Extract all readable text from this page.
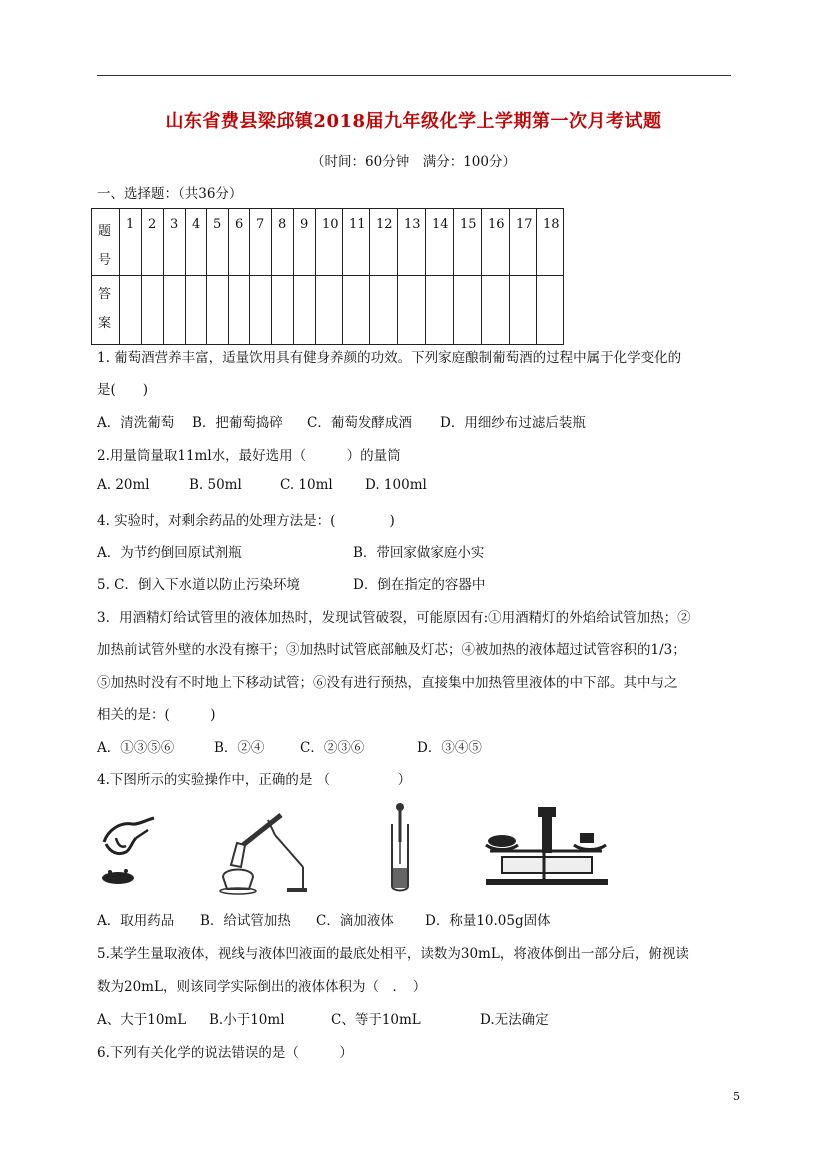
山东省费县梁邱镇2018届九年级化学上学期第一次月考试题
（时间：60分钟　满分：100分）
一、选择题：（共36分）
题
号	1	2	3	4	5	6	7	8	9	10	11	12	13	14	15	16	17	18
答
案																		
1. 葡萄酒营养丰富，适量饮用具有健身养颜的功效。下列家庭酿制葡萄酒的过程中属于化学变化的
是(　　)
A．清洗葡萄 B．把葡萄捣碎 C．葡萄发酵成酒 D．用细纱布过滤后装瓶
2.用量筒量取11ml水，最好选用（　　　）的量筒
A. 20ml	B. 50ml	C. 10ml D. 100ml
4. 实验时，对剩余药品的处理方法是：(　　　　)
A．为节约倒回原试剂瓶	B．带回家做家庭小实
5. C．倒入下水道以防止污染环境	D．倒在指定的容器中
3．用酒精灯给试管里的液体加热时，发现试管破裂，可能原因有:①用酒精灯的外焰给试管加热；②
加热前试管外壁的水没有擦干；③加热时试管底部触及灯芯；④被加热的液体超过试管容积的1/3；
⑤加热时没有不时地上下移动试管；⑥没有进行预热，直接集中加热管里液体的中下部。其中与之
相关的是：(　　　)
A．①③⑤⑥	B．②④	C．②③⑥	D．③④⑤
4.下图所示的实验操作中，正确的是 （　　　　　）
A．取用药品 B．给试管加热 C．滴加液体 D．称量10.05g固体
5.某学生量取液体，视线与液体凹液面的最底处相平，读数为30mL，将液体倒出一部分后，俯视读
数为20mL，则该同学实际倒出的液体体积为（　．　）
A、大于10mL B.小于10ml	C、等于10mL	D.无法确定
6.下列有关化学的说法错误的是（　　　）
5
